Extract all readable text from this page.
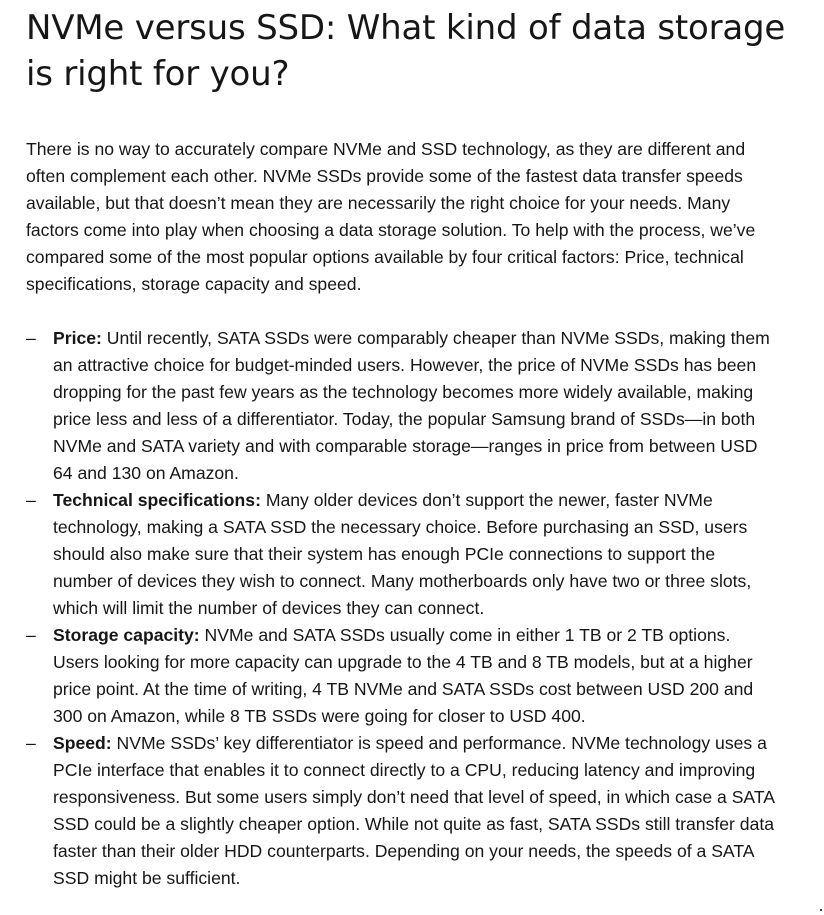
NVMe versus SSD: What kind of data storage is right for you?

There is no way to accurately compare NVMe and SSD technology, as they are different and often complement each other. NVMe SSDs provide some of the fastest data transfer speeds available, but that doesn’t mean they are necessarily the right choice for your needs. Many factors come into play when choosing a data storage solution. To help with the process, we’ve compared some of the most popular options available by four critical factors: Price, technical specifications, storage capacity and speed.

– Price: Until recently, SATA SSDs were comparably cheaper than NVMe SSDs, making them an attractive choice for budget-minded users. However, the price of NVMe SSDs has been dropping for the past few years as the technology becomes more widely available, making price less and less of a differentiator. Today, the popular Samsung brand of SSDs—in both NVMe and SATA variety and with comparable storage—ranges in price from between USD 64 and 130 on Amazon.
– Technical specifications: Many older devices don’t support the newer, faster NVMe technology, making a SATA SSD the necessary choice. Before purchasing an SSD, users should also make sure that their system has enough PCIe connections to support the number of devices they wish to connect. Many motherboards only have two or three slots, which will limit the number of devices they can connect.
– Storage capacity: NVMe and SATA SSDs usually come in either 1 TB or 2 TB options. Users looking for more capacity can upgrade to the 4 TB and 8 TB models, but at a higher price point. At the time of writing, 4 TB NVMe and SATA SSDs cost between USD 200 and 300 on Amazon, while 8 TB SSDs were going for closer to USD 400.
– Speed: NVMe SSDs’ key differentiator is speed and performance. NVMe technology uses a PCIe interface that enables it to connect directly to a CPU, reducing latency and improving responsiveness. But some users simply don’t need that level of speed, in which case a SATA SSD could be a slightly cheaper option. While not quite as fast, SATA SSDs still transfer data faster than their older HDD counterparts. Depending on your needs, the speeds of a SATA SSD might be sufficient.
